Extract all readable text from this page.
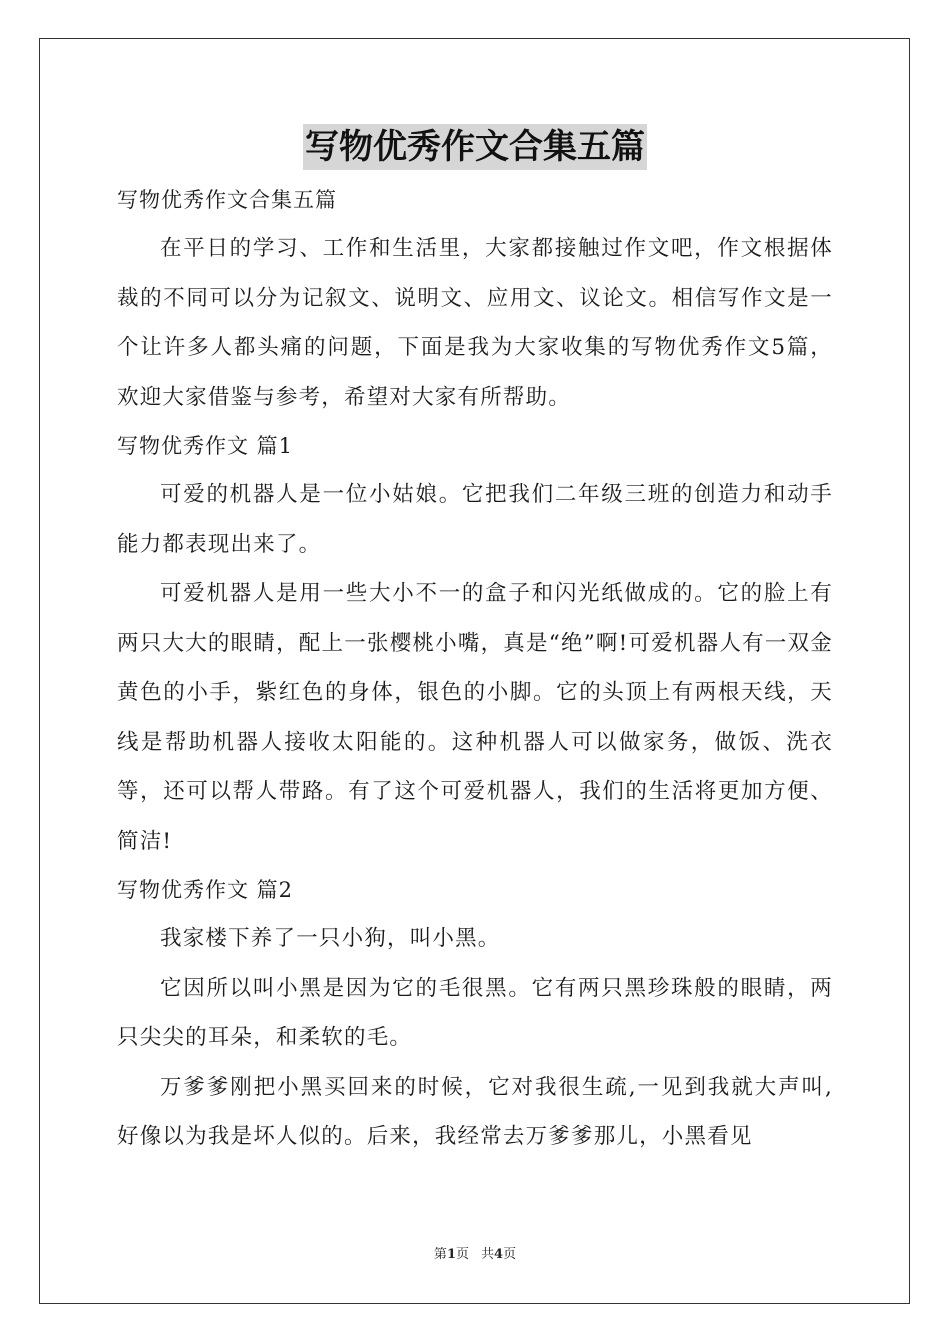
写物优秀作文合集五篇

写物优秀作文合集五篇

在平日的学习、工作和生活里，大家都接触过作文吧，作文根据体裁的不同可以分为记叙文、说明文、应用文、议论文。相信写作文是一个让许多人都头痛的问题，下面是我为大家收集的写物优秀作文5篇，欢迎大家借鉴与参考，希望对大家有所帮助。

写物优秀作文 篇1

可爱的机器人是一位小姑娘。它把我们二年级三班的创造力和动手能力都表现出来了。

可爱机器人是用一些大小不一的盒子和闪光纸做成的。它的脸上有两只大大的眼睛，配上一张樱桃小嘴，真是“绝”啊!可爱机器人有一双金黄色的小手，紫红色的身体，银色的小脚。它的头顶上有两根天线，天线是帮助机器人接收太阳能的。这种机器人可以做家务，做饭、洗衣等，还可以帮人带路。有了这个可爱机器人，我们的生活将更加方便、简洁!

写物优秀作文 篇2

我家楼下养了一只小狗，叫小黑。

它因所以叫小黑是因为它的毛很黑。它有两只黑珍珠般的眼睛，两只尖尖的耳朵，和柔软的毛。

万爹爹刚把小黑买回来的时候，它对我很生疏,一见到我就大声叫,好像以为我是坏人似的。后来，我经常去万爹爹那儿，小黑看见

第1页 共4页
